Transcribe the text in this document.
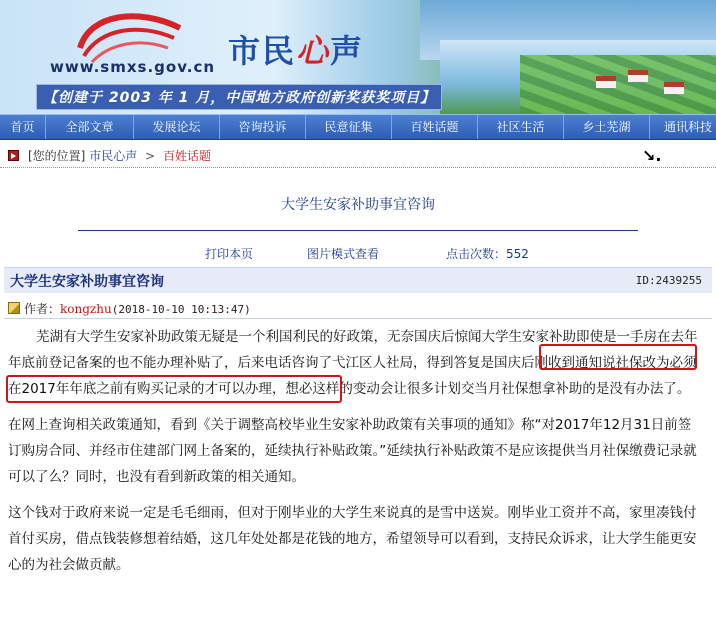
市民心声
www.smxs.gov.cn
【创建于 2003 年 1 月，中国地方政府创新奖获奖项目】
首页	全部文章	发展论坛	咨询投诉	民意征集	百姓话题	社区生活	乡土芜湖	通讯科技
[您的位置] 市民心声 > 百姓话题	↘.
大学生安家补助事宜咨询
打印本页	图片模式查看	点击次数：552
大学生安家补助事宜咨询	ID:2439255
作者：kongzhu(2018-10-10 10:13:47)

芜湖有大学生安家补助政策无疑是一个利国利民的好政策，无奈国庆后惊闻大学生安家补助即使是一手房在去年年底前登记备案的也不能办理补贴了，后来电话咨询了弋江区人社局，得到答复是国庆后刚收到通知说社保改为必须在2017年年底之前有购买记录的才可以办理，想必这样的变动会让很多计划交当月社保想拿补助的是没有办法了。

在网上查询相关政策通知，看到《关于调整高校毕业生安家补助政策有关事项的通知》称“对2017年12月31日前签订购房合同、并经市住建部门网上备案的，延续执行补贴政策。”延续执行补贴政策不是应该提供当月社保缴费记录就可以了么？同时，也没有看到新政策的相关通知。

这个钱对于政府来说一定是毛毛细雨，但对于刚毕业的大学生来说真的是雪中送炭。刚毕业工资并不高，家里凑钱付首付买房，借点钱装修想着结婚，这几年处处都是花钱的地方，希望领导可以看到，支持民众诉求，让大学生能更安心的为社会做贡献。
